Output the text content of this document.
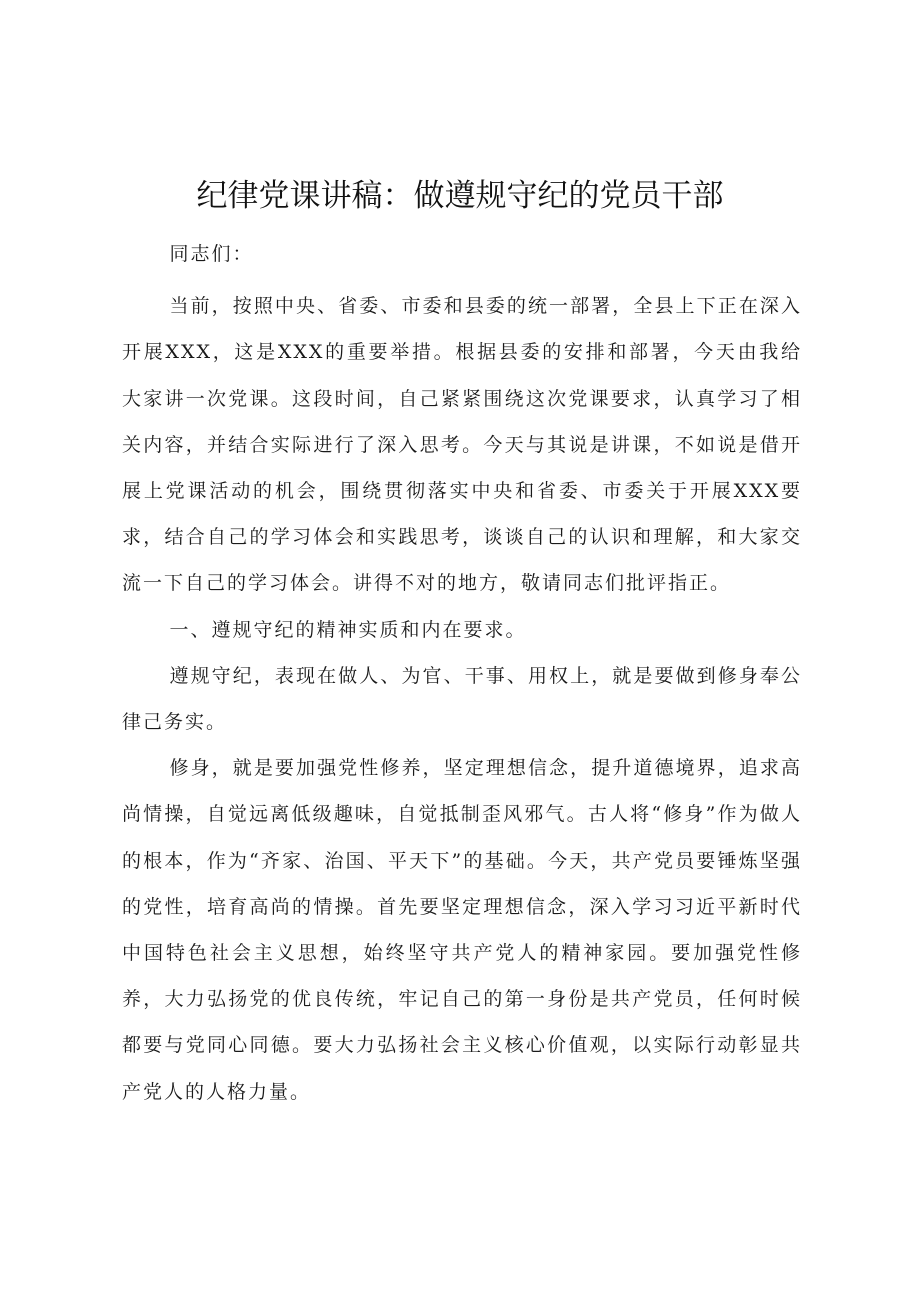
纪律党课讲稿：做遵规守纪的党员干部

同志们：

当前，按照中央、省委、市委和县委的统一部署，全县上下正在深入开展XXX，这是XXX的重要举措。根据县委的安排和部署，今天由我给大家讲一次党课。这段时间，自己紧紧围绕这次党课要求，认真学习了相关内容，并结合实际进行了深入思考。今天与其说是讲课，不如说是借开展上党课活动的机会，围绕贯彻落实中央和省委、市委关于开展XXX要求，结合自己的学习体会和实践思考，谈谈自己的认识和理解，和大家交流一下自己的学习体会。讲得不对的地方，敬请同志们批评指正。

一、遵规守纪的精神实质和内在要求。

遵规守纪，表现在做人、为官、干事、用权上，就是要做到修身奉公律己务实。

修身，就是要加强党性修养，坚定理想信念，提升道德境界，追求高尚情操，自觉远离低级趣味，自觉抵制歪风邪气。古人将“修身”作为做人的根本，作为“齐家、治国、平天下”的基础。今天，共产党员要锤炼坚强的党性，培育高尚的情操。首先要坚定理想信念，深入学习习近平新时代中国特色社会主义思想，始终坚守共产党人的精神家园。要加强党性修养，大力弘扬党的优良传统，牢记自己的第一身份是共产党员，任何时候都要与党同心同德。要大力弘扬社会主义核心价值观，以实际行动彰显共产党人的人格力量。
